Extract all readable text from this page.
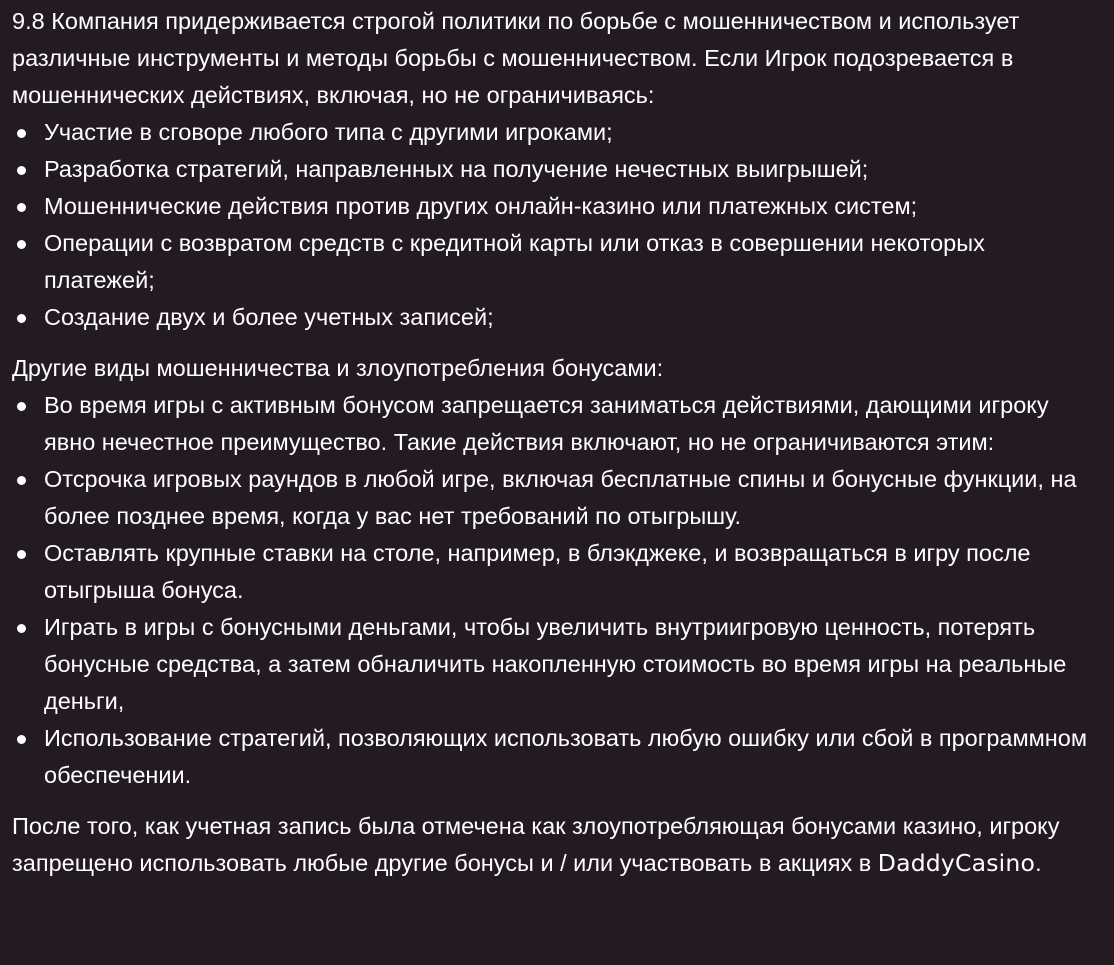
9.8 Компания придерживается строгой политики по борьбе с мошенничеством и использует различные инструменты и методы борьбы с мошенничеством. Если Игрок подозревается в мошеннических действиях, включая, но не ограничиваясь:

Участие в сговоре любого типа с другими игроками;
Разработка стратегий, направленных на получение нечестных выигрышей;
Мошеннические действия против других онлайн-казино или платежных систем;
Операции с возвратом средств с кредитной карты или отказ в совершении некоторых платежей;
Создание двух и более учетных записей;

Другие виды мошенничества и злоупотребления бонусами:

Во время игры с активным бонусом запрещается заниматься действиями, дающими игроку явно нечестное преимущество. Такие действия включают, но не ограничиваются этим:
Отсрочка игровых раундов в любой игре, включая бесплатные спины и бонусные функции, на более позднее время, когда у вас нет требований по отыгрышу.
Оставлять крупные ставки на столе, например, в блэкджеке, и возвращаться в игру после отыгрыша бонуса.
Играть в игры с бонусными деньгами, чтобы увеличить внутриигровую ценность, потерять бонусные средства, а затем обналичить накопленную стоимость во время игры на реальные деньги,
Использование стратегий, позволяющих использовать любую ошибку или сбой в программном обеспечении.

После того, как учетная запись была отмечена как злоупотребляющая бонусами казино, игроку запрещено использовать любые другие бонусы и / или участвовать в акциях в DaddyCasino.
